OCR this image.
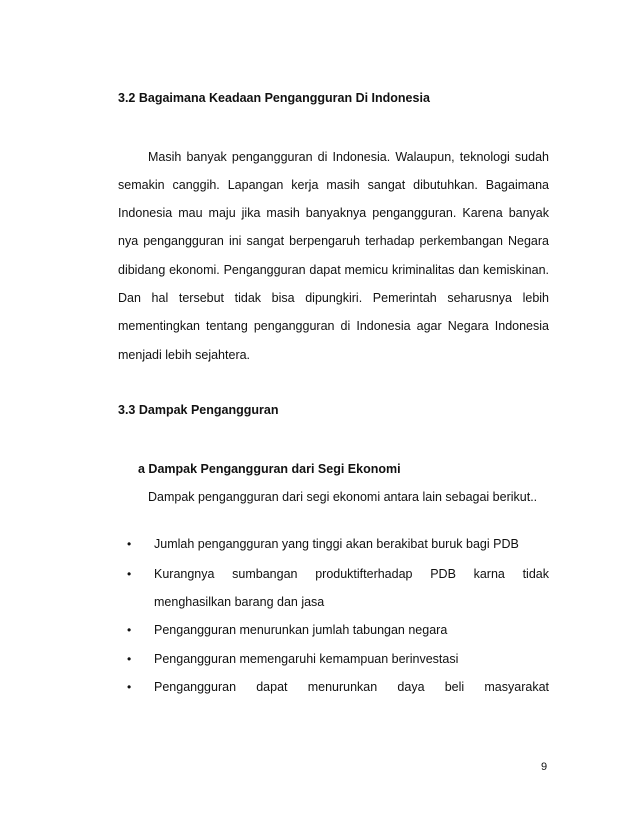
3.2 Bagaimana Keadaan Pengangguran Di Indonesia
Masih banyak pengangguran di Indonesia. Walaupun, teknologi sudah
semakin canggih. Lapangan kerja masih sangat dibutuhkan. Bagaimana
Indonesia mau maju jika masih banyaknya pengangguran. Karena banyak
nya pengangguran ini sangat berpengaruh terhadap perkembangan Negara
dibidang ekonomi. Pengangguran dapat memicu kriminalitas dan kemiskinan.
Dan hal tersebut tidak bisa dipungkiri. Pemerintah seharusnya lebih
mementingkan tentang pengangguran di Indonesia agar Negara Indonesia
menjadi lebih sejahtera.
3.3 Dampak Pengangguran
a Dampak Pengangguran dari Segi Ekonomi
Dampak pengangguran dari segi ekonomi antara lain sebagai berikut..
• Jumlah pengangguran yang tinggi akan berakibat buruk bagi PDB
• Kurangnya sumbangan produktifterhadap PDB karna tidak
menghasilkan barang dan jasa
• Pengangguran menurunkan jumlah tabungan negara
• Pengangguran memengaruhi kemampuan berinvestasi
• Pengangguran dapat menurunkan daya beli masyarakat
9
